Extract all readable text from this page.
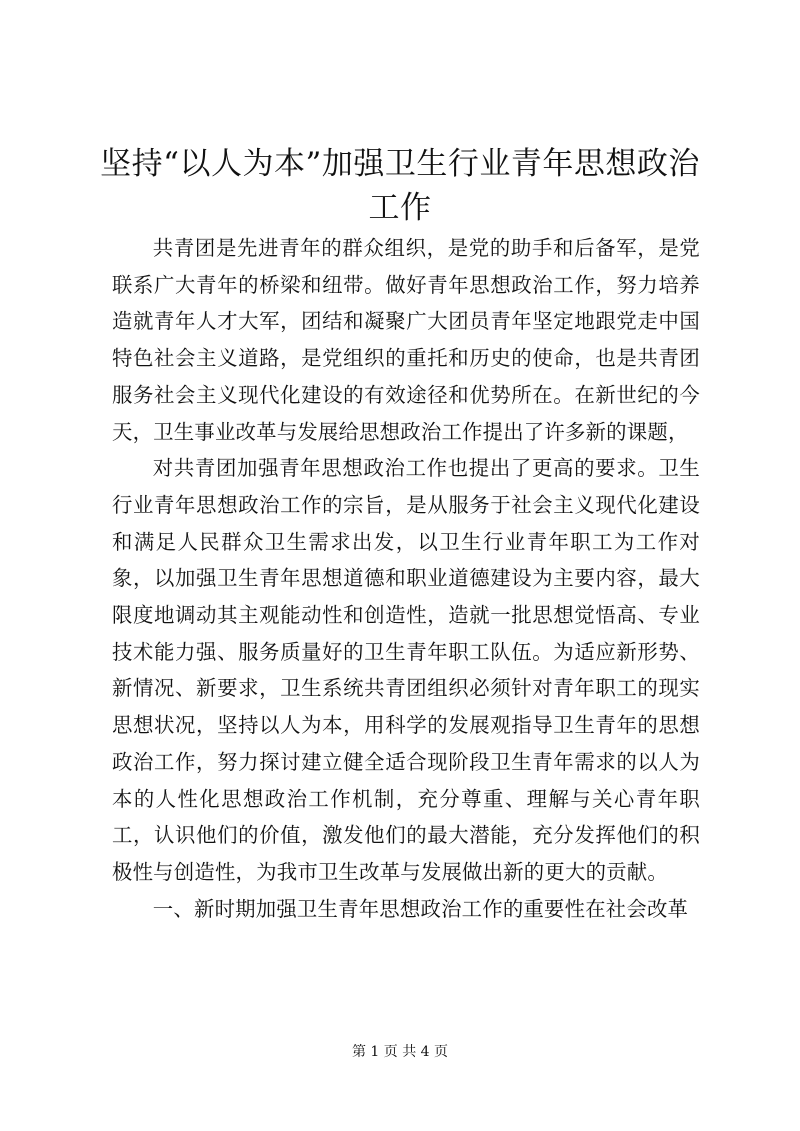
坚持“以人为本”加强卫生行业青年思想政治工作

共青团是先进青年的群众组织，是党的助手和后备军，是党联系广大青年的桥梁和纽带。做好青年思想政治工作，努力培养造就青年人才大军，团结和凝聚广大团员青年坚定地跟党走中国特色社会主义道路，是党组织的重托和历史的使命，也是共青团服务社会主义现代化建设的有效途径和优势所在。在新世纪的今天，卫生事业改革与发展给思想政治工作提出了许多新的课题，

对共青团加强青年思想政治工作也提出了更高的要求。卫生行业青年思想政治工作的宗旨，是从服务于社会主义现代化建设和满足人民群众卫生需求出发，以卫生行业青年职工为工作对象，以加强卫生青年思想道德和职业道德建设为主要内容，最大限度地调动其主观能动性和创造性，造就一批思想觉悟高、专业技术能力强、服务质量好的卫生青年职工队伍。为适应新形势、新情况、新要求，卫生系统共青团组织必须针对青年职工的现实思想状况，坚持以人为本，用科学的发展观指导卫生青年的思想政治工作，努力探讨建立健全适合现阶段卫生青年需求的以人为本的人性化思想政治工作机制，充分尊重、理解与关心青年职工，认识他们的价值，激发他们的最大潜能，充分发挥他们的积极性与创造性，为我市卫生改革与发展做出新的更大的贡献。

一、新时期加强卫生青年思想政治工作的重要性在社会改革

第 1 页 共 4 页
